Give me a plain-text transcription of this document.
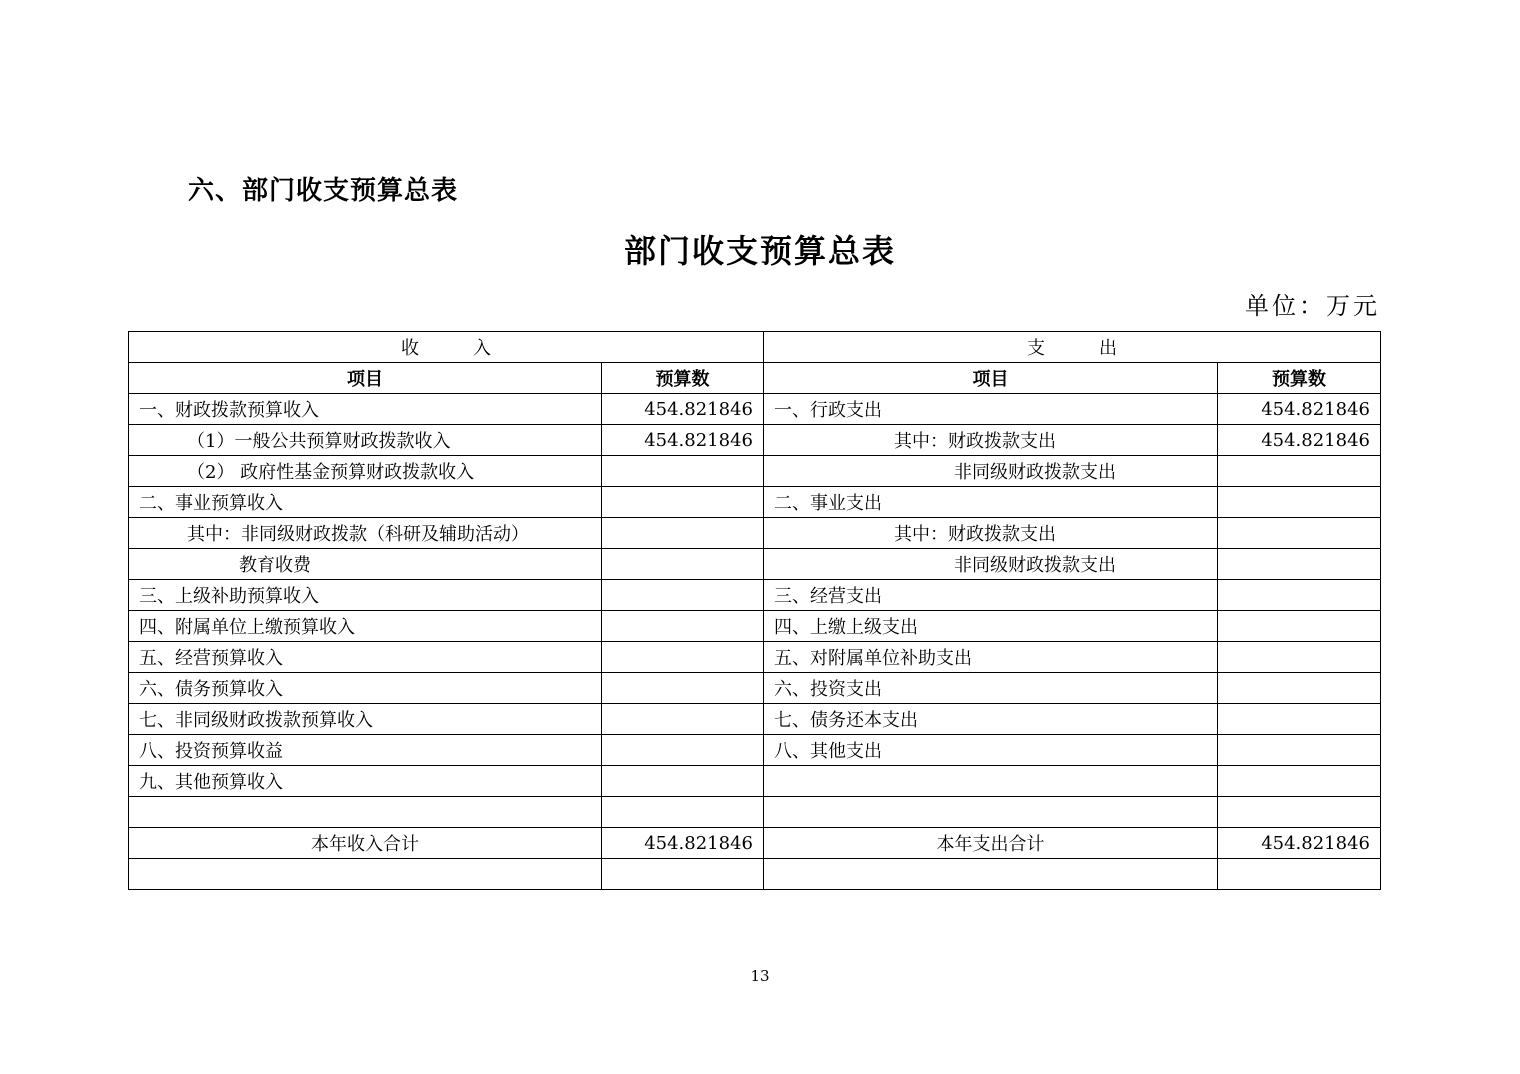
六、部门收支预算总表
部门收支预算总表
单位：万元
收　　　入		支　　　出	
项目	预算数	项目	预算数
一、财政拨款预算收入	454.821846	一、行政支出	454.821846
（1）一般公共预算财政拨款收入	454.821846	其中：财政拨款支出	454.821846
（2） 政府性基金预算财政拨款收入		非同级财政拨款支出	
二、事业预算收入		二、事业支出	
其中：非同级财政拨款（科研及辅助活动）		其中：财政拨款支出	
教育收费		非同级财政拨款支出	
三、上级补助预算收入		三、经营支出	
四、附属单位上缴预算收入		四、上缴上级支出	
五、经营预算收入		五、对附属单位补助支出	
六、债务预算收入		六、投资支出	
七、非同级财政拨款预算收入		七、债务还本支出	
八、投资预算收益		八、其他支出	
九、其他预算收入			

本年收入合计	454.821846	本年支出合计	454.821846

13
